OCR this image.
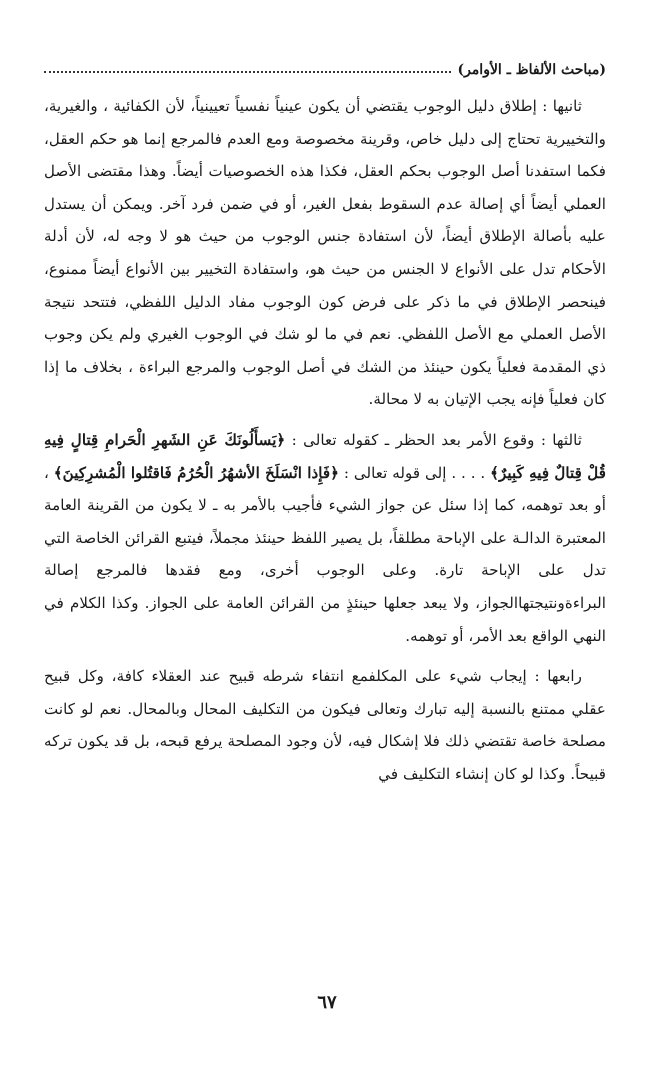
(مباحث الألفاظ ـ الأوامر)

ثانيها : إطلاق دليل الوجوب يقتضي أن يكون عينياً نفسياً تعيينياً، لأن الكفائية ، والغيرية، والتخييرية تحتاج إلى دليل خاص، وقرينة مخصوصة ومع العدم فالمرجع إنما هو حكم العقل، فكما استفدنا أصل الوجوب بحكم العقل، فكذا هذه الخصوصيات أيضاً. وهذا مقتضى الأصل العملي أيضاً أي إصالة عدم السقوط بفعل الغير، أو في ضمن فرد آخر. ويمكن أن يستدل عليه بأصالة الإطلاق أيضاً، لأن استفادة جنس الوجوب من حيث هو لا وجه له، لأن أدلة الأحكام تدل على الأنواع لا الجنس من حيث هو، واستفادة التخيير بين الأنواع أيضاً ممنوع، فينحصر الإطلاق في ما ذكر على فرض كون الوجوب مفاد الدليل اللفظي، فتتحد نتيجة الأصل العملي مع الأصل اللفظي. نعم في ما لو شك في الوجوب الغيري ولم يكن وجوب ذي المقدمة فعلياً يكون حينئذ من الشك في أصل الوجوب والمرجع البراءة ، بخلاف ما إذا كان فعلياً فإنه يجب الإتيان به لا محالة.

ثالثها : وقوع الأمر بعد الحظر ـ كقوله تعالى : ﴿يَسأَلُونَكَ عَنِ الشَهرِ الْحَرامِ قِتالٍ فِيهِ قُلْ قِتالٌ فِيهِ كَبِيرٌ﴾ . . . . إلى قوله تعالى : ﴿فَإِذا انْسَلَخَ الأشهُرُ الْحُرُمُ فَاقتُلوا الْمُشرِكِينَ﴾ ، أو بعد توهمه، كما إذا سئل عن جواز الشيء فأجيب بالأمر به ـ لا يكون من القرينة العامة المعتبرة الدالـة على الإباحة مطلقاً، بل يصير اللفظ حينئذ مجملاً، فيتبع القرائن الخاصة التي تدل على الإباحة تارة. وعلى الوجوب أخرى، ومع فقدها فالمرجع إصالة البراءةونتيجتهاالجواز، ولا يبعد جعلها حينئذٍ من القرائن العامة على الجواز. وكذا الكلام في النهي الواقع بعد الأمر، أو توهمه.

رابعها : إيجاب شيء على المكلفمع انتفاء شرطه قبيح عند العقلاء كافة، وكل قبيح عقلي ممتنع بالنسبة إليه تبارك وتعالى فيكون من التكليف المحال وبالمحال. نعم لو كانت مصلحة خاصة تقتضي ذلك فلا إشكال فيه، لأن وجود المصلحة يرفع قبحه، بل قد يكون تركه قبيحاً. وكذا لو كان إنشاء التكليف في

٦٧
